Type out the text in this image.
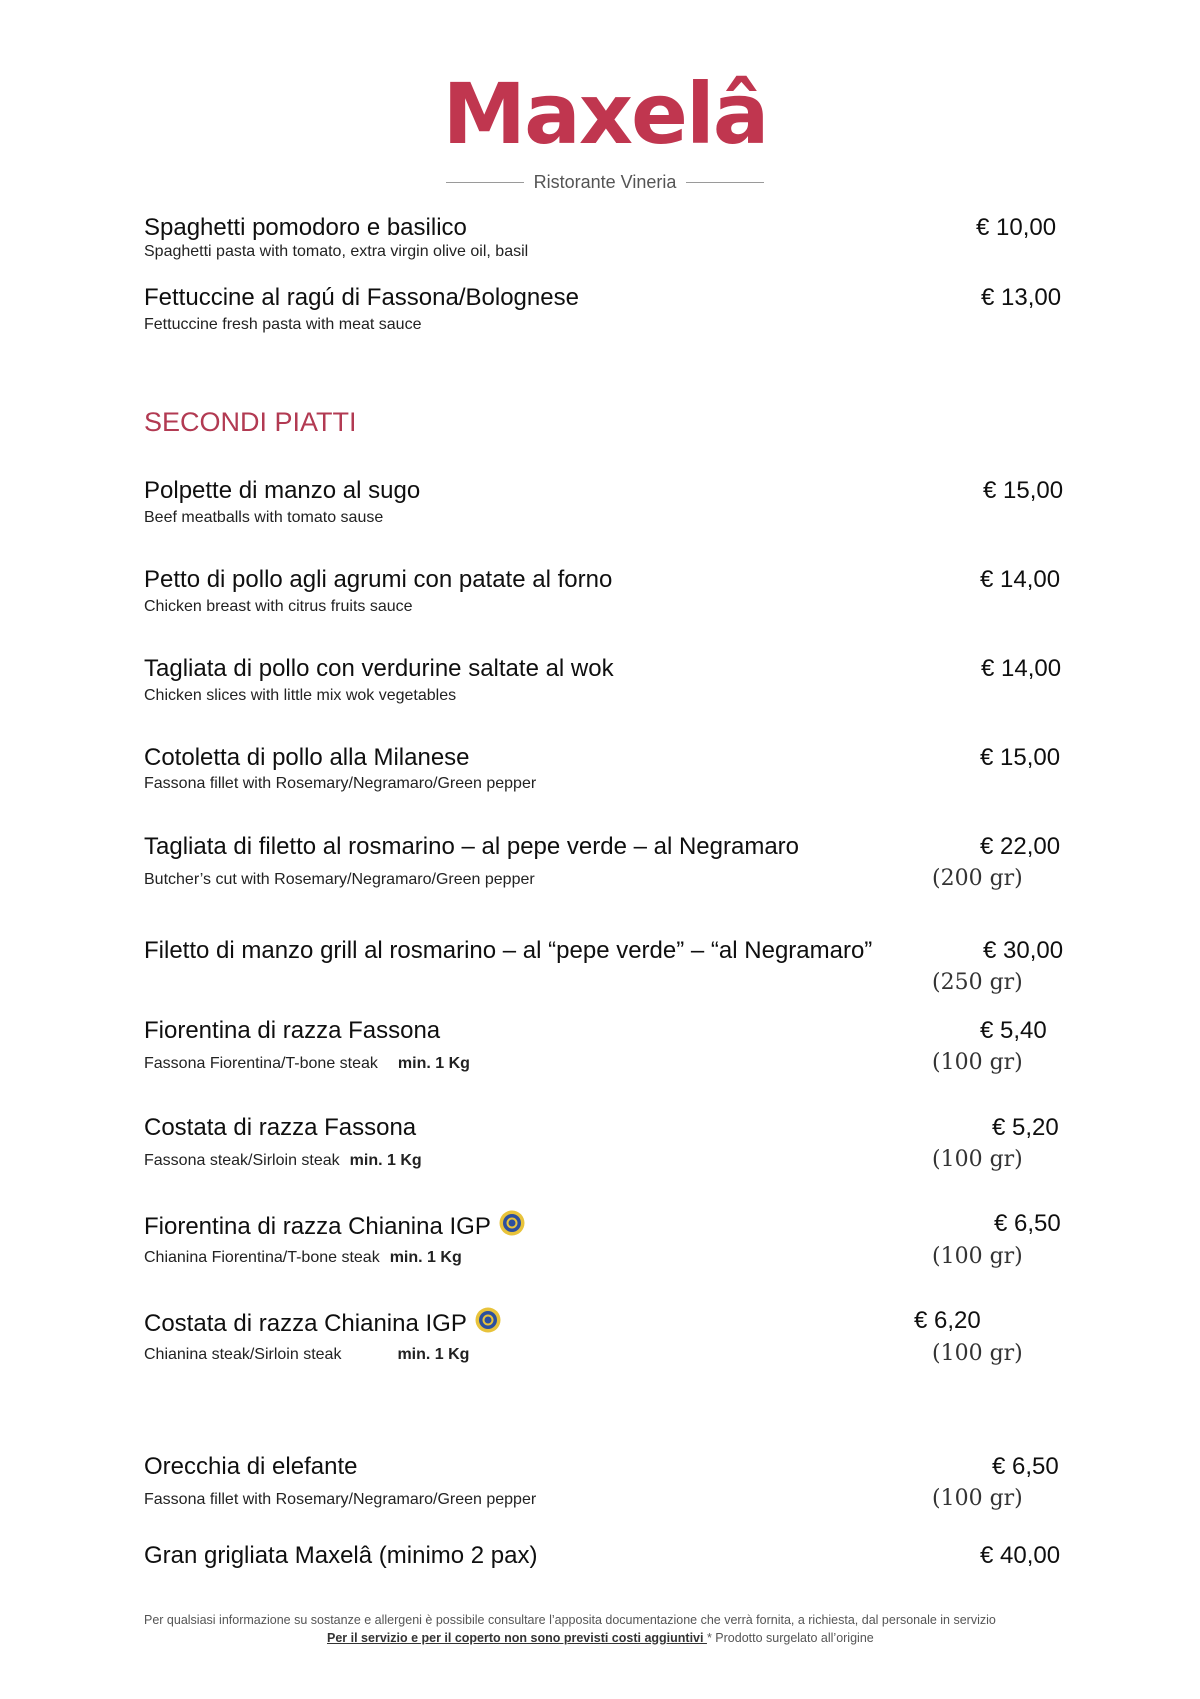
Maxelâ
Ristorante Vineria
Spaghetti pomodoro e basilico
Spaghetti pasta with tomato, extra virgin olive oil, basil
€ 10,00
Fettuccine al ragú di Fassona/Bolognese
Fettuccine fresh pasta with meat sauce
€ 13,00
SECONDI PIATTI
Polpette di manzo al sugo
Beef meatballs with tomato sause
€ 15,00
Petto di pollo agli agrumi con patate al forno
Chicken breast with citrus fruits sauce
€ 14,00
Tagliata di pollo con verdurine saltate al wok
Chicken slices with little mix wok vegetables
€ 14,00
Cotoletta di pollo alla Milanese
Fassona fillet with Rosemary/Negramaro/Green pepper
€ 15,00
Tagliata di filetto al rosmarino – al pepe verde – al Negramaro
Butcher’s cut with Rosemary/Negramaro/Green pepper
€ 22,00
(200 gr)
Filetto di manzo grill al rosmarino – al “pepe verde” – “al Negramaro”	€ 30,00
(250 gr)
Fiorentina di razza Fassona
Fassona Fiorentina/T-bone steak min. 1 Kg
€ 5,40
(100 gr)
Costata di razza Fassona
Fassona steak/Sirloin steak min. 1 Kg
€ 5,20
(100 gr)
Fiorentina di razza Chianina IGP
Chianina Fiorentina/T-bone steak min. 1 Kg
€ 6,50
(100 gr)
Costata di razza Chianina IGP
Chianina steak/Sirloin steak	min. 1 Kg
€ 6,20
(100 gr)
Orecchia di elefante
Fassona fillet with Rosemary/Negramaro/Green pepper
€ 6,50
(100 gr)
Gran grigliata Maxelâ (minimo 2 pax)	€ 40,00
Per qualsiasi informazione su sostanze e allergeni è possibile consultare l’apposita documentazione che verrà fornita, a richiesta, dal personale in servizio
Per il servizio e per il coperto non sono previsti costi aggiuntivi * Prodotto surgelato all’origine
